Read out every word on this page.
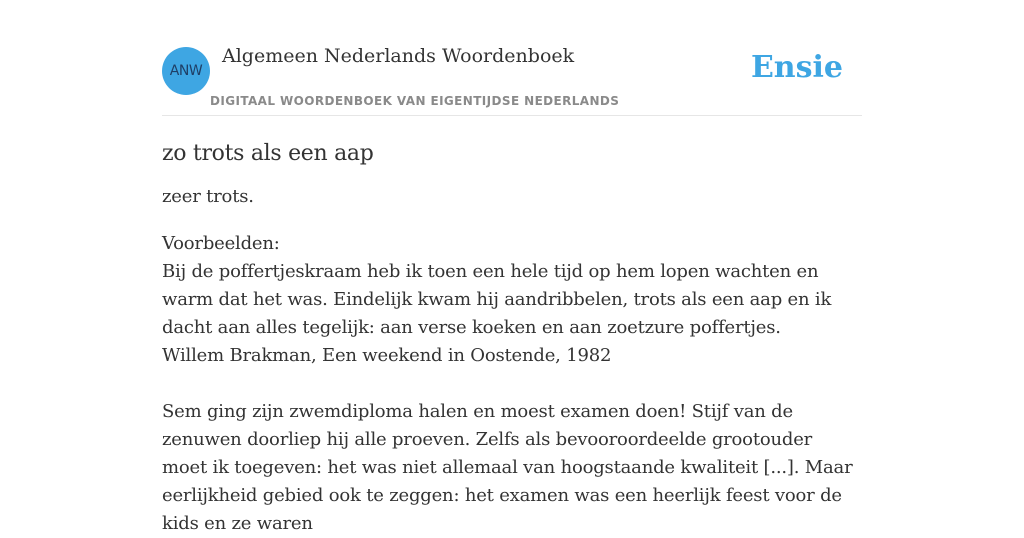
ANW
Algemeen Nederlands Woordenboek
DIGITAAL WOORDENBOEK VAN EIGENTIJDSE NEDERLANDS
Ensie
zo trots als een aap

zeer trots.

Voorbeelden:
Bij de poffertjeskraam heb ik toen een hele tijd op hem lopen wachten en warm dat het was. Eindelijk kwam hij aandribbelen, trots als een aap en ik dacht aan alles tegelijk: aan verse koeken en aan zoetzure poffertjes.
Willem Brakman, Een weekend in Oostende, 1982
Sem ging zijn zwemdiploma halen en moest examen doen! Stijf van de zenuwen doorliep hij alle proeven. Zelfs als bevooroordeelde grootouder moet ik toegeven: het was niet allemaal van hoogstaande kwaliteit [...]. Maar eerlijkheid gebied ook te zeggen: het examen was een heerlijk feest voor de kids en ze waren
